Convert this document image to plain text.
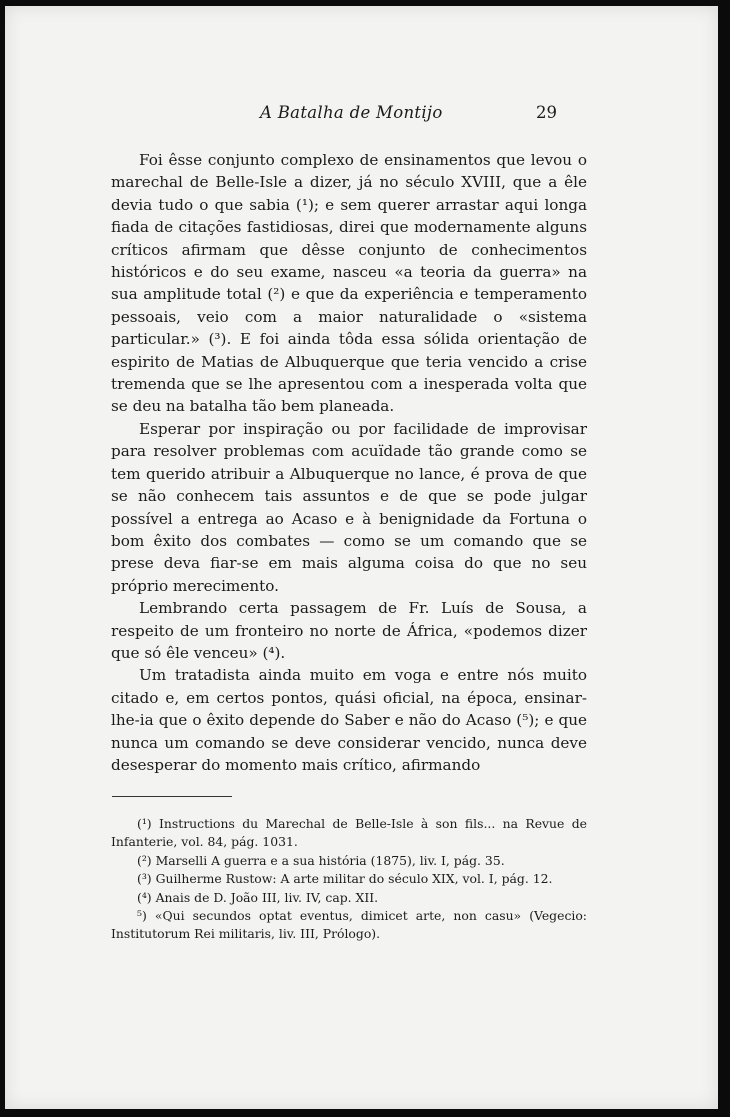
A Batalha de Montijo	29

Foi êsse conjunto complexo de ensinamentos que levou o marechal de Belle-Isle a dizer, já no século XVIII, que a êle devia tudo o que sabia (¹); e sem querer arrastar aqui longa fiada de citações fastidiosas, direi que modernamente alguns críticos afirmam que dêsse conjunto de conhecimentos históricos e do seu exame, nasceu «a teoria da guerra» na sua amplitude total (²) e que da experiência e temperamento pessoais, veio com a maior naturalidade o «sistema particular.» (³). E foi ainda tôda essa sólida orientação de espirito de Matias de Albuquerque que teria vencido a crise tremenda que se lhe apresentou com a inesperada volta que se deu na batalha tão bem planeada.

Esperar por inspiração ou por facilidade de improvisar para resolver problemas com acuïdade tão grande como se tem querido atribuir a Albuquerque no lance, é prova de que se não conhecem tais assuntos e de que se pode julgar possível a entrega ao Acaso e à benignidade da Fortuna o bom êxito dos combates — como se um comando que se prese deva fiar-se em mais alguma coisa do que no seu próprio merecimento.

Lembrando certa passagem de Fr. Luís de Sousa, a respeito de um fronteiro no norte de África, «podemos dizer que só êle venceu» (⁴).

Um tratadista ainda muito em voga e entre nós muito citado e, em certos pontos, quási oficial, na época, ensinar-lhe-ia que o êxito depende do Saber e não do Acaso (⁵); e que nunca um comando se deve considerar vencido, nunca deve desesperar do momento mais crítico, afirmando

(¹) Instructions du Marechal de Belle-Isle à son fils... na Revue de Infanterie, vol. 84, pág. 1031.

(²) Marselli A guerra e a sua história (1875), liv. I, pág. 35.

(³) Guilherme Rustow: A arte militar do século XIX, vol. I, pág. 12.

(⁴) Anais de D. João III, liv. IV, cap. XII.

⁵) «Qui secundos optat eventus, dimicet arte, non casu» (Vegecio: Institutorum Rei militaris, liv. III, Prólogo).
